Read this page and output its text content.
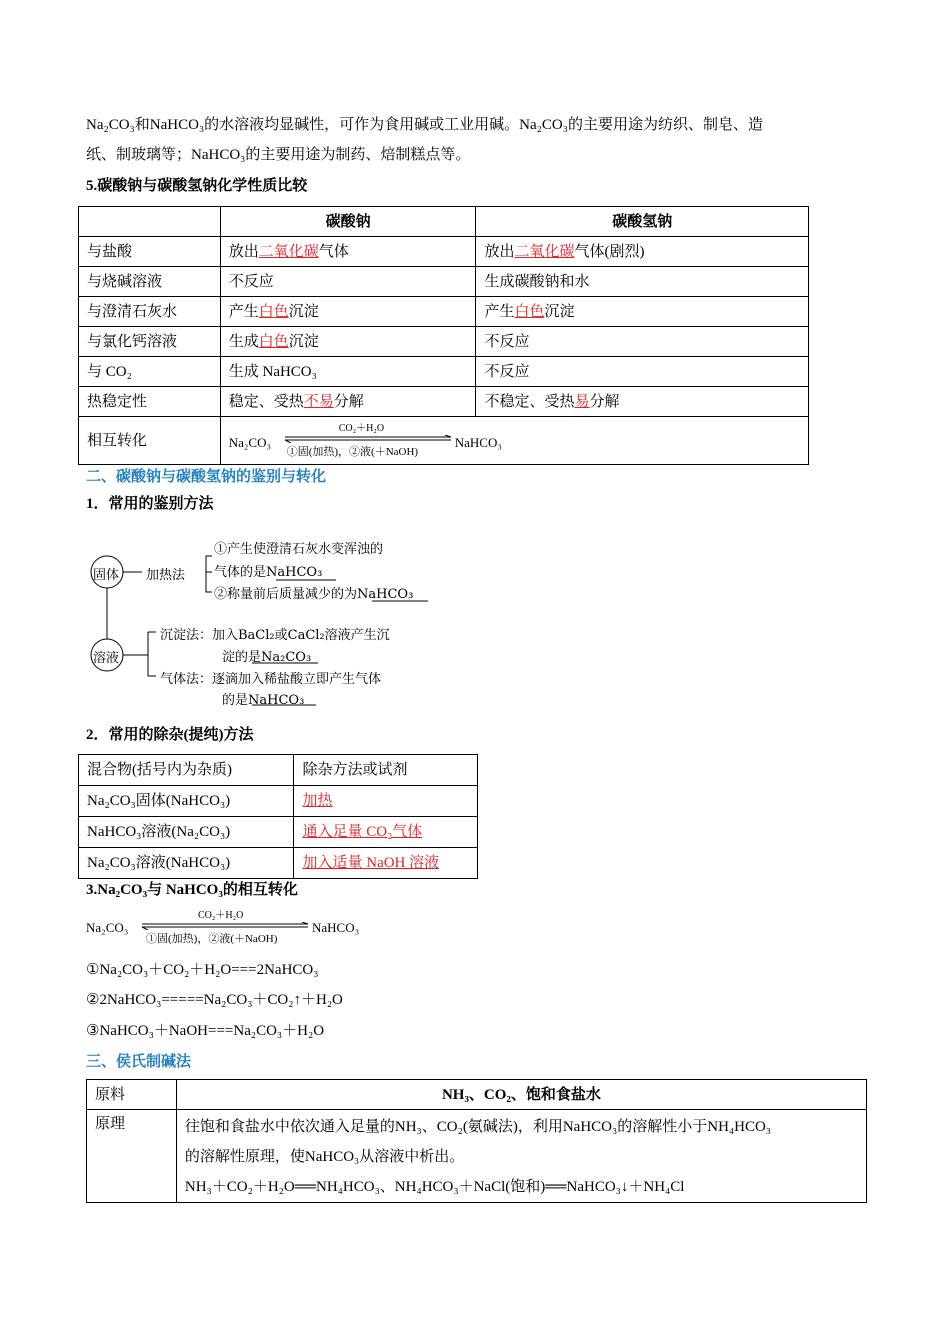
Na₂CO₃和NaHCO₃的水溶液均显碱性，可作为食用碱或工业用碱。Na₂CO₃的主要用途为纺织、制皂、造
纸、制玻璃等；NaHCO₃的主要用途为制药、焙制糕点等。
5.碳酸钠与碳酸氢钠化学性质比较
	碳酸钠	碳酸氢钠
与盐酸	放出二氧化碳气体	放出二氧化碳气体(剧烈)
与烧碱溶液	不反应	生成碳酸钠和水
与澄清石灰水	产生白色沉淀	产生白色沉淀
与氯化钙溶液	生成白色沉淀	不反应
与 CO₂	生成 NaHCO₃	不反应
热稳定性	稳定、受热不易分解	不稳定、受热易分解
相互转化	Na₂CO₃
CO₂＋H₂O
①固(加热)，②液(＋NaOH)
NaHCO₃	
二、碳酸钠与碳酸氢钠的鉴别与转化
1．常用的鉴别方法
固体
溶液
加热法
①产生使澄清石灰水变浑浊的
气体的是NaHCO₃
②称量前后质量减少的为NaHCO₃
沉淀法：加入BaCl₂或CaCl₂溶液产生沉
淀的是Na₂CO₃
气体法：逐滴加入稀盐酸立即产生气体
的是NaHCO₃
2．常用的除杂(提纯)方法
混合物(括号内为杂质)	除杂方法或试剂
Na₂CO₃固体(NaHCO₃)	加热
NaHCO₃溶液(Na₂CO₃)	通入足量 CO₂气体
Na₂CO₃溶液(NaHCO₃)	加入适量 NaOH 溶液
3.Na₂CO₃与 NaHCO₃的相互转化
Na₂CO₃
CO₂＋H₂O
①固(加热)，②液(＋NaOH)
NaHCO₃
①Na₂CO₃＋CO₂＋H₂O===2NaHCO₃
②2NaHCO₃=====Na₂CO₃＋CO₂↑＋H₂O
③NaHCO₃＋NaOH===Na₂CO₃＋H₂O
三、侯氏制碱法
原料	NH₃、CO₂、饱和食盐水
原理	往饱和食盐水中依次通入足量的NH₃、CO₂(氨碱法)，利用NaHCO₃的溶解性小于NH₄HCO₃
的溶解性原理，使NaHCO₃从溶液中析出。
NH₃＋CO₂＋H₂O══NH₄HCO₃、NH₄HCO₃＋NaCl(饱和)══NaHCO₃↓＋NH₄Cl
